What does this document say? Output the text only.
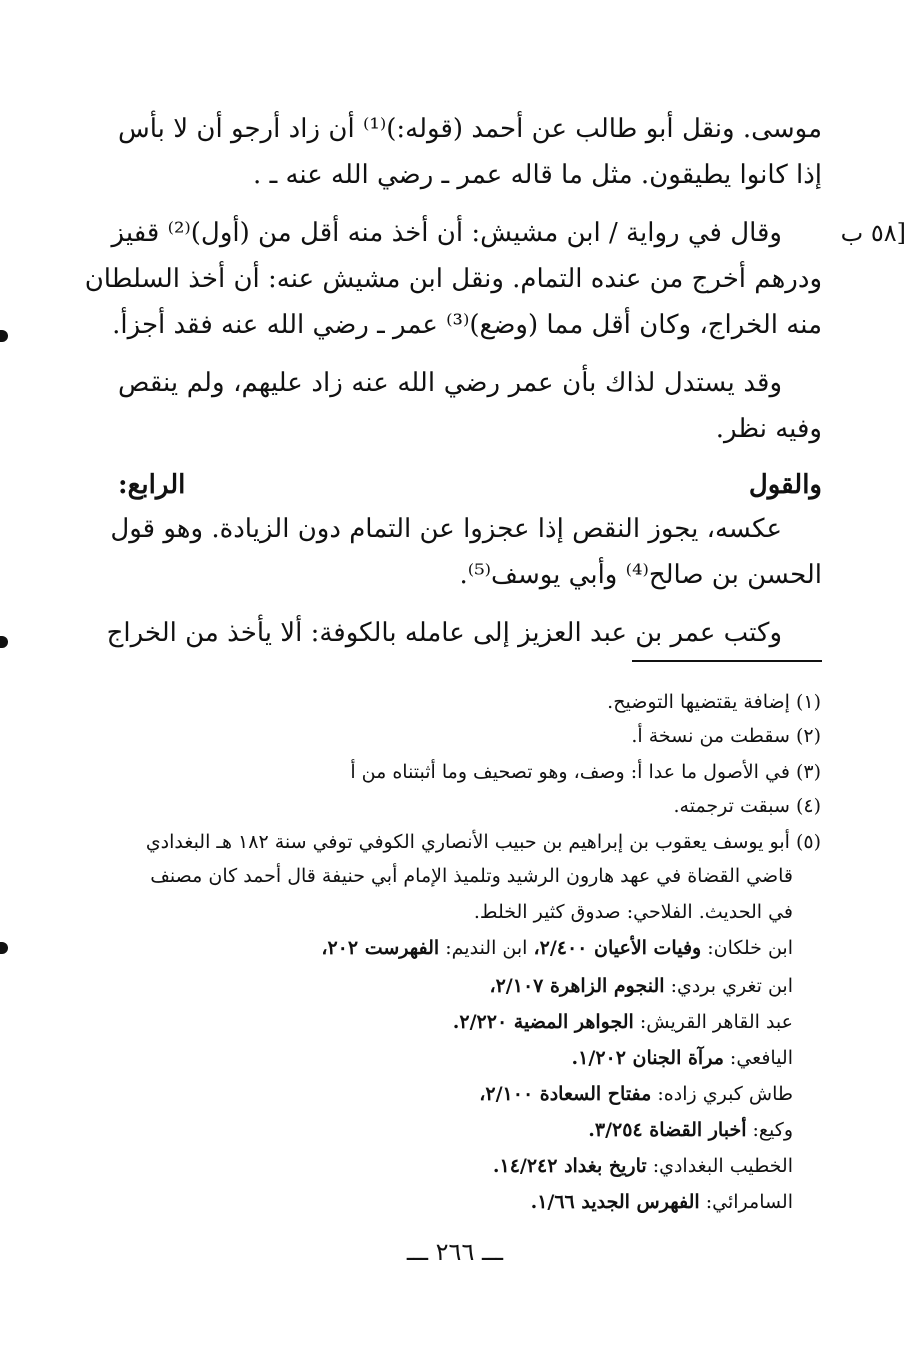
موسى. ونقل أبو طالب عن أحمد (قوله:)⁽¹⁾ أن زاد أرجو أن لا بأس
إذا كانوا يطيقون. مثل ما قاله عمر ـ رضي الله عنه ـ .
[٥٨ ب
وقال في رواية / ابن مشيش: أن أخذ منه أقل من (أول)⁽²⁾ قفيز
ودرهم أخرج من عنده التمام. ونقل ابن مشيش عنه: أن أخذ السلطان
منه الخراج، وكان أقل مما (وضع)⁽³⁾ عمر ـ رضي الله عنه فقد أجزأ.
وقد يستدل لذاك بأن عمر رضي الله عنه زاد عليهم، ولم ينقص
وفيه نظر.
والقول الرابع:
عكسه، يجوز النقص إذا عجزوا عن التمام دون الزيادة. وهو قول
الحسن بن صالح⁽⁴⁾ وأبي يوسف⁽⁵⁾.
وكتب عمر بن عبد العزيز إلى عامله بالكوفة: ألا يأخذ من الخراج
(١) إضافة يقتضيها التوضيح.
(٢) سقطت من نسخة أ.
(٣) في الأصول ما عدا أ: وصف، وهو تصحيف وما أثبتناه من أ
(٤) سبقت ترجمته.
(٥) أبو يوسف يعقوب بن إبراهيم بن حبيب الأنصاري الكوفي توفي سنة ١٨٢ هـ البغدادي
قاضي القضاة في عهد هارون الرشيد وتلميذ الإمام أبي حنيفة قال أحمد كان مصنف
في الحديث. الفلاحي: صدوق كثير الخلط.
ابن خلكان: وفيات الأعيان ٢/٤٠٠، ابن النديم: الفهرست ٢٠٢،
ابن تغري بردي: النجوم الزاهرة ٢/١٠٧،
عبد القاهر القريش: الجواهر المضية ٢/٢٢٠.
اليافعي: مرآة الجنان ١/٢٠٢.
طاش كبري زاده: مفتاح السعادة ٢/١٠٠،
وكيع: أخبار القضاة ٣/٢٥٤.
الخطيب البغدادي: تاريخ بغداد ١٤/٢٤٢.
السامرائي: الفهرس الجديد ١/٦٦.
ـــ ٢٦٦ ـــ
